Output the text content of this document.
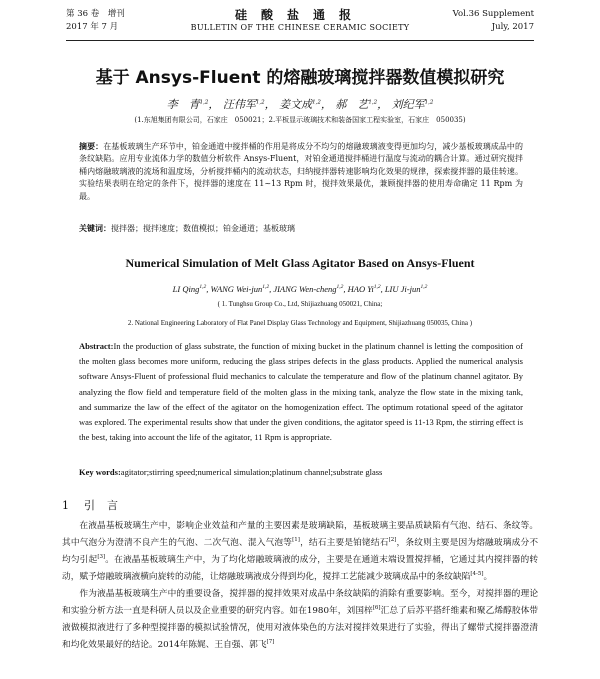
第 36 卷　增刊
2017 年 7 月
硅酸盐通报
BULLETIN OF THE CHINESE CERAMIC SOCIETY
Vol.36 Supplement
July, 2017
基于 Ansys-Fluent 的熔融玻璃搅拌器数值模拟研究
李　青$^{1,2}$， 汪伟军$^{1,2}$， 姜文成$^{1,2}$， 郝　艺$^{1,2}$， 刘纪军$^{1,2}$
(1.东旭集团有限公司，石家庄　050021；2.平板显示玻璃技术和装备国家工程实验室，石家庄　050035)
摘要：在基板玻璃生产环节中，铂金通道中搅拌桶的作用是将成分不均匀的熔融玻璃液变得更加均匀，减少基板玻璃成品中的条纹缺陷。应用专业流体力学的数值分析软件 Ansys-Fluent，对铂金通道搅拌桶进行温度与流动的耦合计算。通过研究搅拌桶内熔融玻璃液的流场和温度场，分析搅拌桶内的流动状态，归纳搅拌器转速影响均化效果的规律，探索搅拌器的最佳转速。实验结果表明在给定的条件下，搅拌器的速度在 11~13 Rpm 时，搅拌效果最优，兼顾搅拌器的使用寿命确定 11 Rpm 为最。
关键词：搅拌器；搅拌速度；数值模拟；铂金通道；基板玻璃
Numerical Simulation of Melt Glass Agitator Based on Ansys-Fluent
LI Qing$^{1,2}$, WANG Wei-jun$^{1,2}$, JIANG Wen-cheng$^{1,2}$, HAO Yi$^{1,2}$, LIU Ji-jun$^{1,2}$
( 1. Tunghsu Group Co., Ltd, Shijiazhuang 050021, China;
2. National Engineering Laboratory of Flat Panel Display Glass Technology and Equipment, Shijiazhuang 050035, China )
Abstract:In the production of glass substrate, the function of mixing bucket in the platinum channel is letting the composition of the molten glass becomes more uniform, reducing the glass stripes defects in the glass products. Applied the numerical analysis software Ansys-Fluent of professional fluid mechanics to calculate the temperature and flow of the platinum channel agitator. By analyzing the flow field and temperature field of the molten glass in the mixing tank, analyze the flow state in the mixing tank, and summarize the law of the effect of the agitator on the homogenization effect. The optimum rotational speed of the agitator was explored. The experimental results show that under the given conditions, the agitator speed is 11-13 Rpm, the stirring effect is the best, taking into account the life of the agitator, 11 Rpm is appropriate.
Key words:agitator;stirring speed;numerical simulation;platinum channel;substrate glass
1 引言

在液晶基板玻璃生产中，影响企业效益和产量的主要因素是玻璃缺陷，基板玻璃主要品质缺陷有气泡、结石、条纹等。其中气泡分为澄清不良产生的气泡、二次气泡、混入气泡等[1]，结石主要是铂铑结石[2]，条纹则主要是因为熔融玻璃成分不均匀引起[3]。在液晶基板玻璃生产中，为了均化熔融玻璃液的成分，主要是在通道末端设置搅拌桶，它通过其内搅拌器的转动，赋予熔融玻璃液横向旋转的动能，让熔融玻璃液成分得到均化，搅拌工艺能减少玻璃成品中的条纹缺陷[4-5]。

作为液晶基板玻璃生产中的重要设备，搅拌器的搅拌效果对成品中条纹缺陷的消除有重要影响。至今，对搅拌器的理论和实验分析方法一直是科研人员以及企业重要的研究内容。如在1980年，刘国梓[6]汇总了后苏平搭纤维素和聚乙烯醇胶体带液做模拟液进行了多种型搅拌器的模拟试验情况，使用对液体染色的方法对搅拌效果进行了实验，得出了螺带式搅拌器澄清和均化效果最好的结论。2014年陈娓、王自强、郭飞[7]
